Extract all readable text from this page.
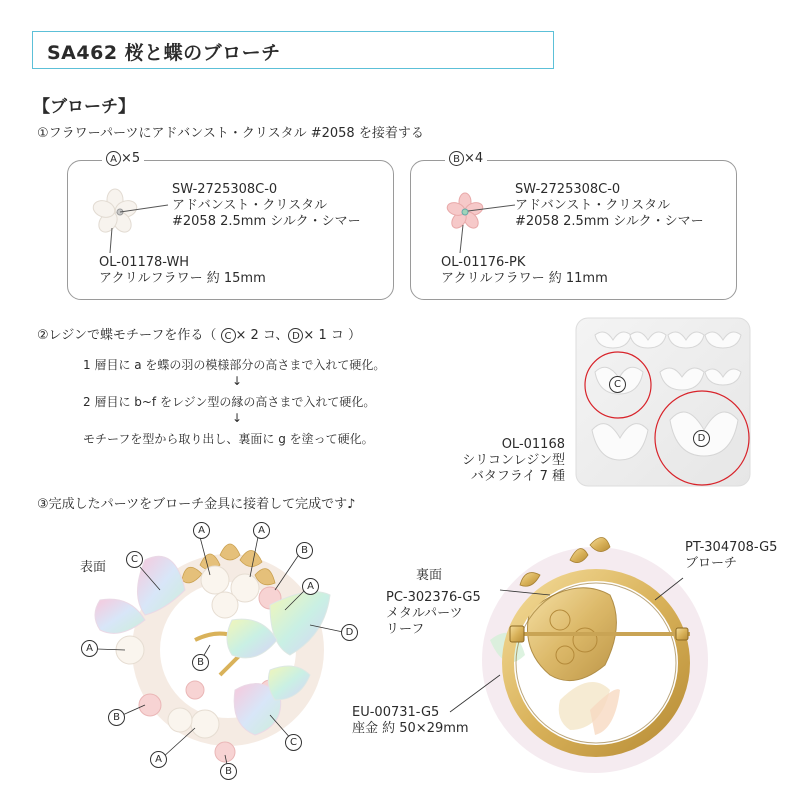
SA462 桜と蝶のブローチ
【ブローチ】
①フラワーパーツにアドバンスト・クリスタル #2058 を接着する
A ×5
SW-2725308C-0
アドバンスト・クリスタル
#2058 2.5mm シルク・シマー
OL-01178-WH
アクリルフラワー 約 15mm
B ×4
SW-2725308C-0
アドバンスト・クリスタル
#2058 2.5mm シルク・シマー
OL-01176-PK
アクリルフラワー 約 11mm
②レジンで蝶モチーフを作る（ C × 2 コ、 D × 1 コ ）
1 層目に a を蝶の羽の模様部分の高さまで入れて硬化。
↓
2 層目に b~f をレジン型の縁の高さまで入れて硬化。
↓
モチーフを型から取り出し、裏面に g を塗って硬化。	OL-01168
シリコンレジン型
バタフライ 7 種
C
D
③完成したパーツをブローチ金具に接着して完成です♪
表面
裏面
A	A
B
C
A
D
A
B
B
C
A
B
PT-304708-G5
ブローチ
PC-302376-G5
メタルパーツ
リーフ
EU-00731-G5
座金 約 50×29mm
